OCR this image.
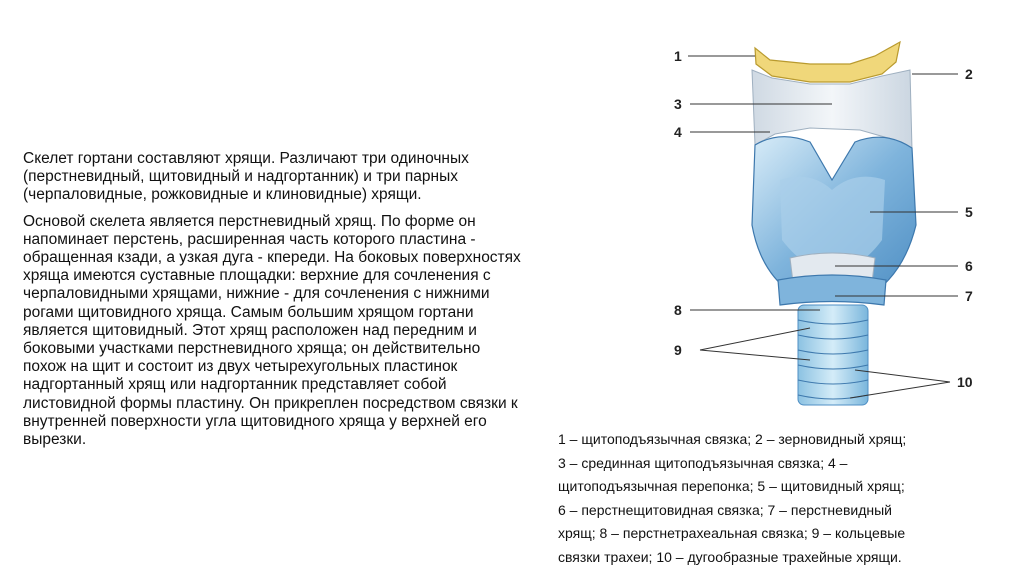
Скелет гортани составляют хрящи. Различают три одиночных (перстневидный, щитовидный и надгортанник) и три парных (черпаловидные, рожковидные и клиновидные) хрящи.

Основой скелета является перстневидный хрящ. По форме он напоминает перстень, расширенная часть которого пластина - обращенная кзади, а узкая дуга - кпереди. На боковых поверхностях хряща имеются суставные площадки: верхние для сочленения с черпаловидными хрящами, нижние - для сочленения с нижними рогами щитовидного хряща. Самым большим хрящом гортани является щитовидный. Этот хрящ расположен над передним и боковыми участками перстневидного хряща; он действительно похож на щит и состоит из двух четырехугольных пластинок надгортанный хрящ или надгортанник представляет собой листовидной формы пластину. Он прикреплен посредством связки к внутренней поверхности угла щитовидного хряща у верхней его вырезки.

1
2
3
4
5
6
7
8
9
10
1 – щитоподъязычная связка; 2 – зерновидный хрящ;
3 – срединная щитоподъязычная связка; 4 –
щитоподъязычная перепонка; 5 – щитовидный хрящ;
6 – перстнещитовидная связка; 7 – перстневидный
хрящ; 8 – перстнетрахеальная связка; 9 – кольцевые
связки трахеи; 10 – дугообразные трахейные хрящи.
